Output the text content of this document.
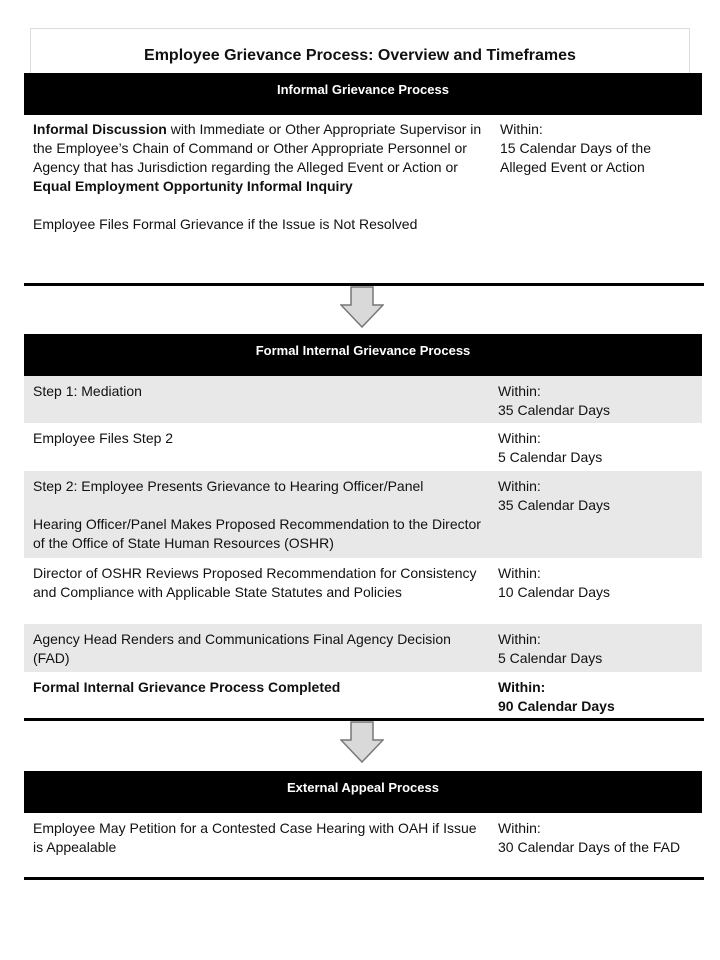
Employee Grievance Process: Overview and Timeframes
Informal Grievance Process

Informal Discussion with Immediate or Other Appropriate Supervisor in the Employee’s Chain of Command or Other Appropriate Personnel or Agency that has Jurisdiction regarding the Alleged Event or Action or Equal Employment Opportunity Informal Inquiry

Employee Files Formal Grievance if the Issue is Not Resolved

Within:
15 Calendar Days of the Alleged Event or Action
Formal Internal Grievance Process
Step 1: Mediation	Within:
35 Calendar Days
Employee Files Step 2	Within:
5 Calendar Days

Step 2: Employee Presents Grievance to Hearing Officer/Panel

Hearing Officer/Panel Makes Proposed Recommendation to the Director of the Office of State Human Resources (OSHR)

Within:
35 Calendar Days
Director of OSHR Reviews Proposed Recommendation for Consistency and Compliance with Applicable State Statutes and Policies
Within:
10 Calendar Days
Agency Head Renders and Communications Final Agency Decision (FAD)
Within:
5 Calendar Days
Formal Internal Grievance Process Completed	Within:
90 Calendar Days
External Appeal Process
Employee May Petition for a Contested Case Hearing with OAH if Issue is Appealable
Within:
30 Calendar Days of the FAD
